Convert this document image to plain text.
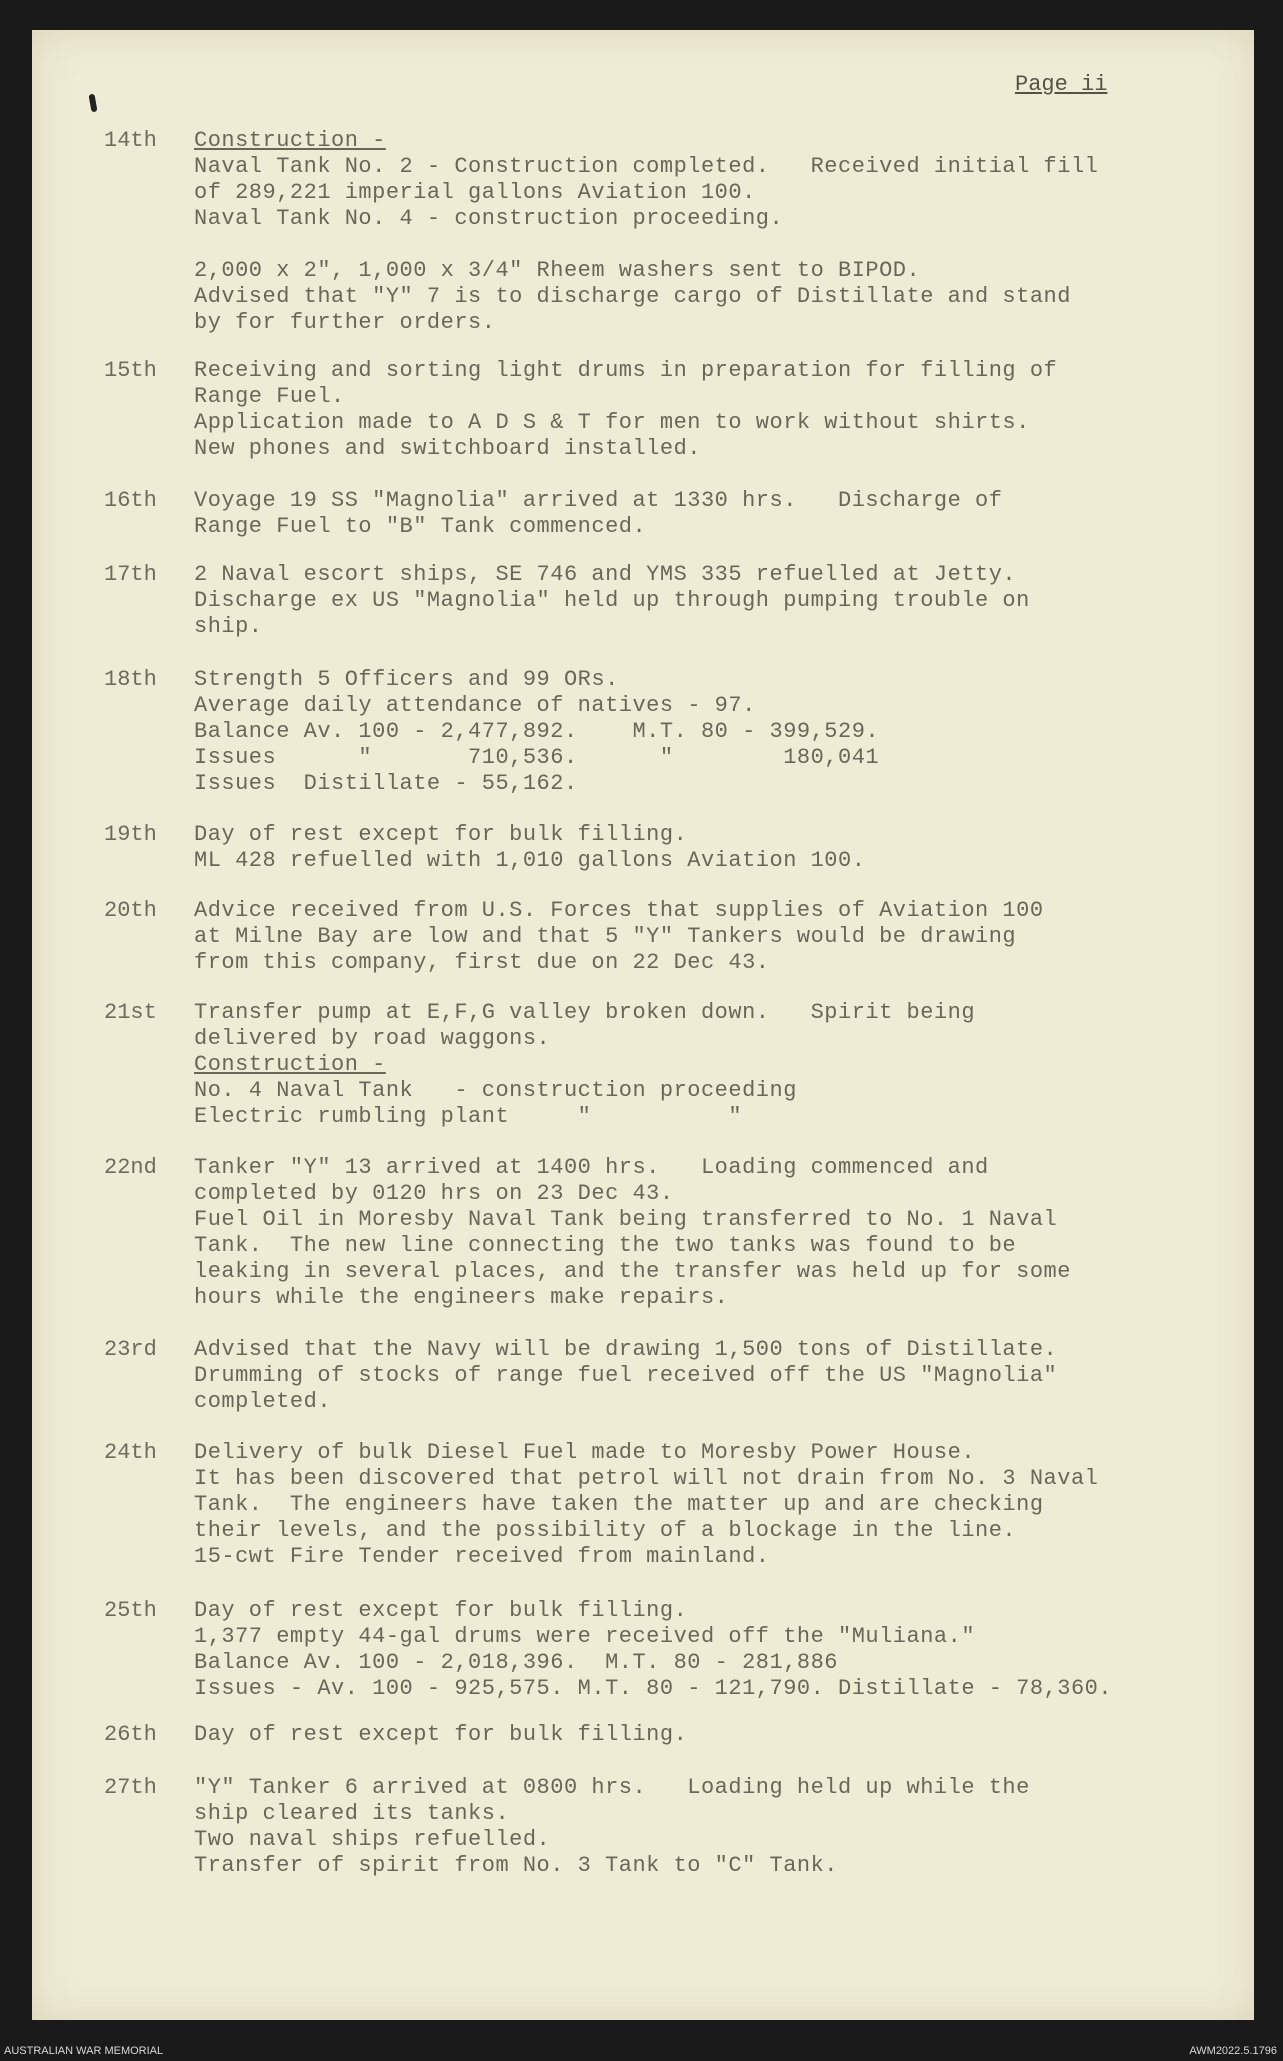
Page ii
14th	Construction -
Naval Tank No. 2 - Construction completed.   Received initial fill
of 289,221 imperial gallons Aviation 100.
Naval Tank No. 4 - construction proceeding.

2,000 x 2", 1,000 x 3/4" Rheem washers sent to BIPOD.
Advised that "Y" 7 is to discharge cargo of Distillate and stand
by for further orders.
15th	Receiving and sorting light drums in preparation for filling of
Range Fuel.
Application made to A D S & T for men to work without shirts.
New phones and switchboard installed.
16th	Voyage 19 SS "Magnolia" arrived at 1330 hrs.   Discharge of
Range Fuel to "B" Tank commenced.
17th	2 Naval escort ships, SE 746 and YMS 335 refuelled at Jetty.
Discharge ex US "Magnolia" held up through pumping trouble on
ship.
18th	Strength 5 Officers and 99 ORs.
Average daily attendance of natives - 97.
Balance Av. 100 - 2,477,892.    M.T. 80 - 399,529.
Issues      "       710,536.      "        180,041
Issues  Distillate - 55,162.
19th	Day of rest except for bulk filling.
ML 428 refuelled with 1,010 gallons Aviation 100.
20th	Advice received from U.S. Forces that supplies of Aviation 100
at Milne Bay are low and that 5 "Y" Tankers would be drawing
from this company, first due on 22 Dec 43.
21st	Transfer pump at E,F,G valley broken down.   Spirit being
delivered by road waggons.
Construction -
No. 4 Naval Tank   - construction proceeding
Electric rumbling plant     "          "
22nd	Tanker "Y" 13 arrived at 1400 hrs.   Loading commenced and
completed by 0120 hrs on 23 Dec 43.
Fuel Oil in Moresby Naval Tank being transferred to No. 1 Naval
Tank.  The new line connecting the two tanks was found to be
leaking in several places, and the transfer was held up for some
hours while the engineers make repairs.
23rd	Advised that the Navy will be drawing 1,500 tons of Distillate.
Drumming of stocks of range fuel received off the US "Magnolia"
completed.
24th	Delivery of bulk Diesel Fuel made to Moresby Power House.
It has been discovered that petrol will not drain from No. 3 Naval
Tank.  The engineers have taken the matter up and are checking
their levels, and the possibility of a blockage in the line.
15-cwt Fire Tender received from mainland.
25th	Day of rest except for bulk filling.
1,377 empty 44-gal drums were received off the "Muliana."
Balance Av. 100 - 2,018,396.  M.T. 80 - 281,886
Issues - Av. 100 - 925,575. M.T. 80 - 121,790. Distillate - 78,360.
26th	Day of rest except for bulk filling.
27th	"Y" Tanker 6 arrived at 0800 hrs.   Loading held up while the
ship cleared its tanks.
Two naval ships refuelled.
Transfer of spirit from No. 3 Tank to "C" Tank.
AUSTRALIAN WAR MEMORIAL	AWM2022.5.1796
